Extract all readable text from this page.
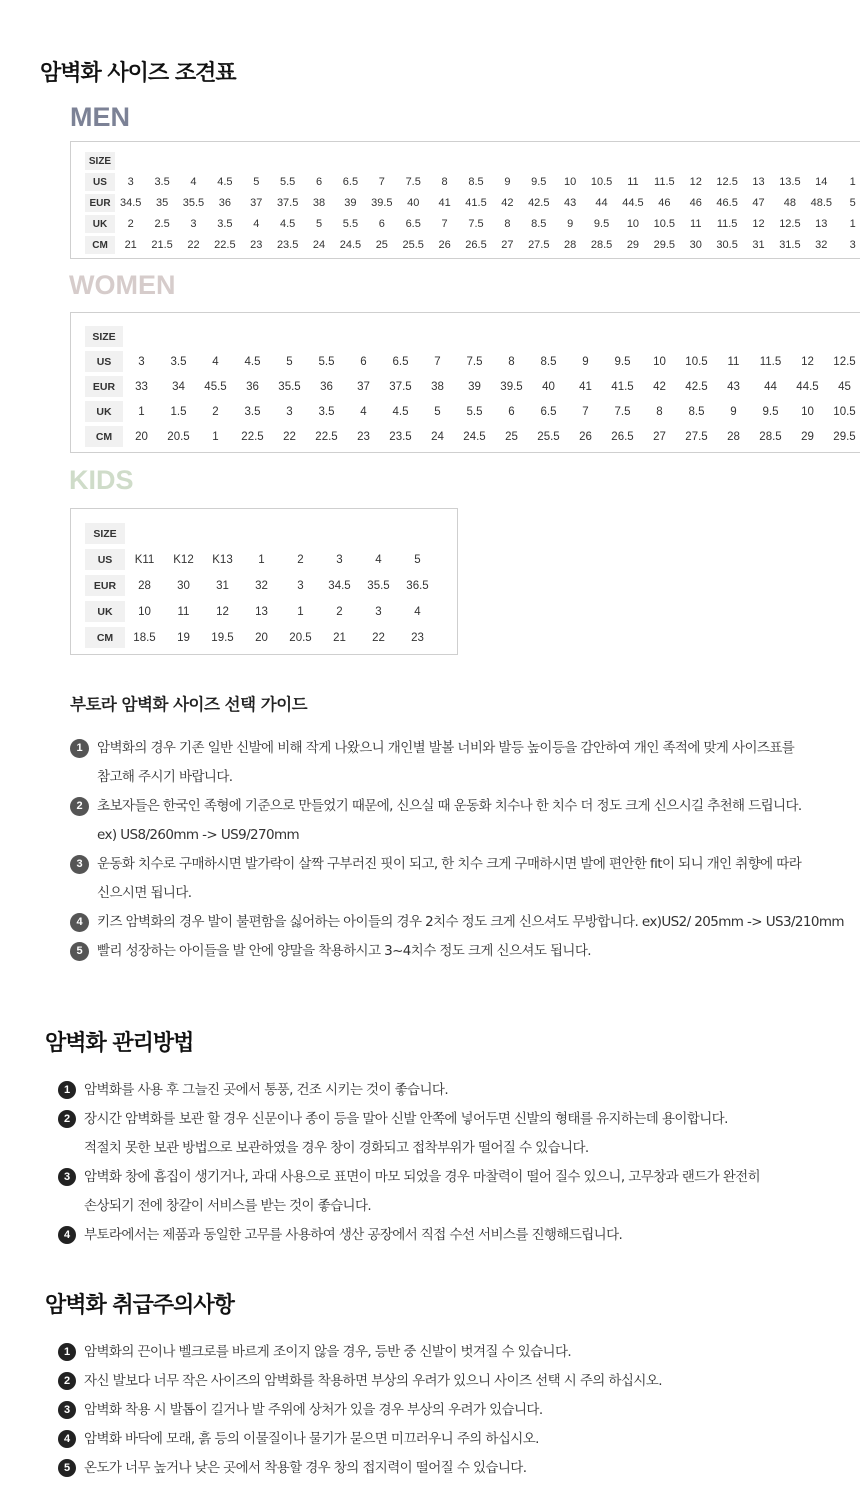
암벽화 사이즈 조견표
MEN
SIZE																								
US	3	3.5	4	4.5	5	5.5	6	6.5	7	7.5	8	8.5	9	9.5	10	10.5	11	11.5	12	12.5	13	13.5	14	1
EUR	34.5	35	35.5	36	37	37.5	38	39	39.5	40	41	41.5	42	42.5	43	44	44.5	46	46	46.5	47	48	48.5	5
UK	2	2.5	3	3.5	4	4.5	5	5.5	6	6.5	7	7.5	8	8.5	9	9.5	10	10.5	11	11.5	12	12.5	13	1
CM	21	21.5	22	22.5	23	23.5	24	24.5	25	25.5	26	26.5	27	27.5	28	28.5	29	29.5	30	30.5	31	31.5	32	3
WOMEN
SIZE																				
US	3	3.5	4	4.5	5	5.5	6	6.5	7	7.5	8	8.5	9	9.5	10	10.5	11	11.5	12	12.5
EUR	33	34	45.5	36	35.5	36	37	37.5	38	39	39.5	40	41	41.5	42	42.5	43	44	44.5	45
UK	1	1.5	2	3.5	3	3.5	4	4.5	5	5.5	6	6.5	7	7.5	8	8.5	9	9.5	10	10.5
CM	20	20.5	1	22.5	22	22.5	23	23.5	24	24.5	25	25.5	26	26.5	27	27.5	28	28.5	29	29.5
KIDS
SIZE								
US	K11	K12	K13	1	2	3	4	5
EUR	28	30	31	32	3	34.5	35.5	36.5
UK	10	11	12	13	1	2	3	4
CM	18.5	19	19.5	20	20.5	21	22	23
부토라 암벽화 사이즈 선택 가이드
1	암벽화의 경우 기존 일반 신발에 비해 작게 나왔으니 개인별 발볼 너비와 발등 높이등을 감안하여 개인 족적에 맞게 사이즈표를
참고해 주시기 바랍니다.
2	초보자들은 한국인 족형에 기준으로 만들었기 때문에, 신으실 때 운동화 치수나 한 치수 더 정도 크게 신으시길 추천해 드립니다.
ex) US8/260mm -> US9/270mm
3	운동화 치수로 구매하시면 발가락이 살짝 구부러진 핏이 되고, 한 치수 크게 구매하시면 발에 편안한 fit이 되니 개인 취향에 따라
신으시면 됩니다.
4	키즈 암벽화의 경우 발이 불편함을 싫어하는 아이들의 경우 2치수 정도 크게 신으셔도 무방합니다. ex)US2/ 205mm -> US3/210mm
5	빨리 성장하는 아이들을 발 안에 양말을 착용하시고 3~4치수 정도 크게 신으셔도 됩니다.
암벽화 관리방법
1	암벽화를 사용 후 그늘진 곳에서 통풍, 건조 시키는 것이 좋습니다.
2	장시간 암벽화를 보관 할 경우 신문이나 종이 등을 말아 신발 안쪽에 넣어두면 신발의 형태를 유지하는데 용이합니다.
적절치 못한 보관 방법으로 보관하였을 경우 창이 경화되고 접착부위가 떨어질 수 있습니다.
3	암벽화 창에 흠집이 생기거나, 과대 사용으로 표면이 마모 되었을 경우 마찰력이 떨어 질수 있으니, 고무창과 랜드가 완전히
손상되기 전에 창갈이 서비스를 받는 것이 좋습니다.
4	부토라에서는 제품과 동일한 고무를 사용하여 생산 공장에서 직접 수선 서비스를 진행해드립니다.
암벽화 취급주의사항
1	암벽화의 끈이나 벨크로를 바르게 조이지 않을 경우, 등반 중 신발이 벗겨질 수 있습니다.
2	자신 발보다 너무 작은 사이즈의 암벽화를 착용하면 부상의 우려가 있으니 사이즈 선택 시 주의 하십시오.
3	암벽화 착용 시 발톱이 길거나 발 주위에 상처가 있을 경우 부상의 우려가 있습니다.
4	암벽화 바닥에 모래, 흙 등의 이물질이나 물기가 묻으면 미끄러우니 주의 하십시오.
5	온도가 너무 높거나 낮은 곳에서 착용할 경우 창의 접지력이 떨어질 수 있습니다.
